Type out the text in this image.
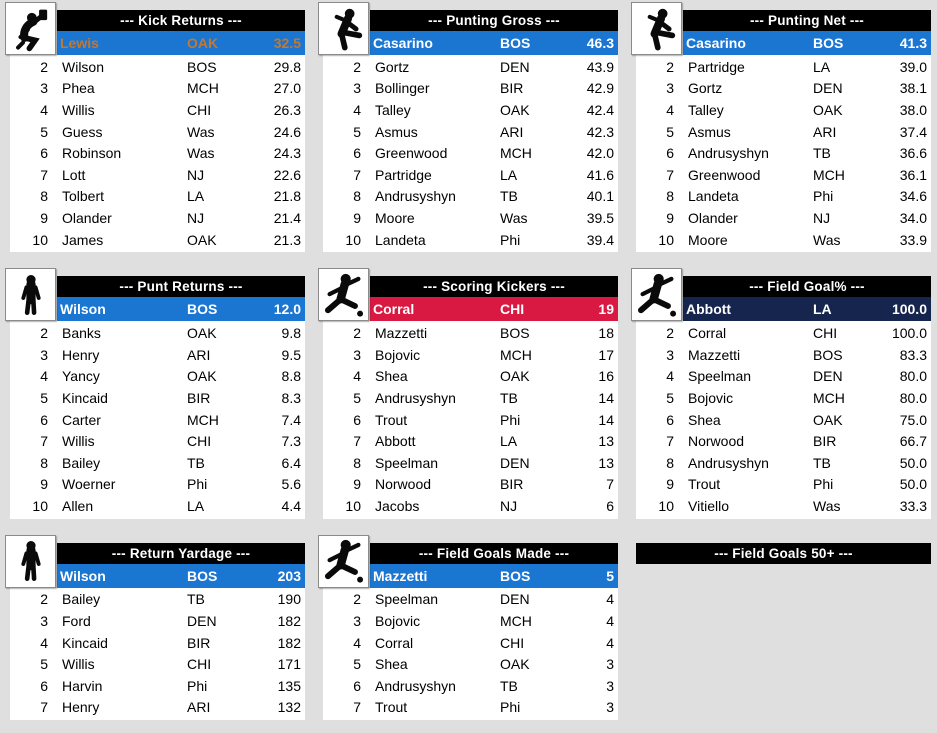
--- Kick Returns ---
Lewis	OAK	32.5
2	Wilson	BOS	29.8
3	Phea	MCH	27.0
4	Willis	CHI	26.3
5	Guess	Was	24.6
6	Robinson	Was	24.3
7	Lott	NJ	22.6
8	Tolbert	LA	21.8
9	Olander	NJ	21.4
10	James	OAK	21.3
--- Punting Gross ---
Casarino	BOS	46.3
2	Gortz	DEN	43.9
3	Bollinger	BIR	42.9
4	Talley	OAK	42.4
5	Asmus	ARI	42.3
6	Greenwood	MCH	42.0
7	Partridge	LA	41.6
8	Andrusyshyn	TB	40.1
9	Moore	Was	39.5
10	Landeta	Phi	39.4
--- Punting Net ---
Casarino	BOS	41.3
2	Partridge	LA	39.0
3	Gortz	DEN	38.1
4	Talley	OAK	38.0
5	Asmus	ARI	37.4
6	Andrusyshyn	TB	36.6
7	Greenwood	MCH	36.1
8	Landeta	Phi	34.6
9	Olander	NJ	34.0
10	Moore	Was	33.9
--- Punt Returns ---
Wilson	BOS	12.0
2	Banks	OAK	9.8
3	Henry	ARI	9.5
4	Yancy	OAK	8.8
5	Kincaid	BIR	8.3
6	Carter	MCH	7.4
7	Willis	CHI	7.3
8	Bailey	TB	6.4
9	Woerner	Phi	5.6
10	Allen	LA	4.4
--- Scoring Kickers ---
Corral	CHI	19
2	Mazzetti	BOS	18
3	Bojovic	MCH	17
4	Shea	OAK	16
5	Andrusyshyn	TB	14
6	Trout	Phi	14
7	Abbott	LA	13
8	Speelman	DEN	13
9	Norwood	BIR	7
10	Jacobs	NJ	6
--- Field Goal% ---
Abbott	LA	100.0
2	Corral	CHI	100.0
3	Mazzetti	BOS	83.3
4	Speelman	DEN	80.0
5	Bojovic	MCH	80.0
6	Shea	OAK	75.0
7	Norwood	BIR	66.7
8	Andrusyshyn	TB	50.0
9	Trout	Phi	50.0
10	Vitiello	Was	33.3
--- Return Yardage ---
Wilson	BOS	203
2	Bailey	TB	190
3	Ford	DEN	182
4	Kincaid	BIR	182
5	Willis	CHI	171
6	Harvin	Phi	135
7	Henry	ARI	132
--- Field Goals Made ---
Mazzetti	BOS	5
2	Speelman	DEN	4
3	Bojovic	MCH	4
4	Corral	CHI	4
5	Shea	OAK	3
6	Andrusyshyn	TB	3
7	Trout	Phi	3
--- Field Goals 50+ ---
